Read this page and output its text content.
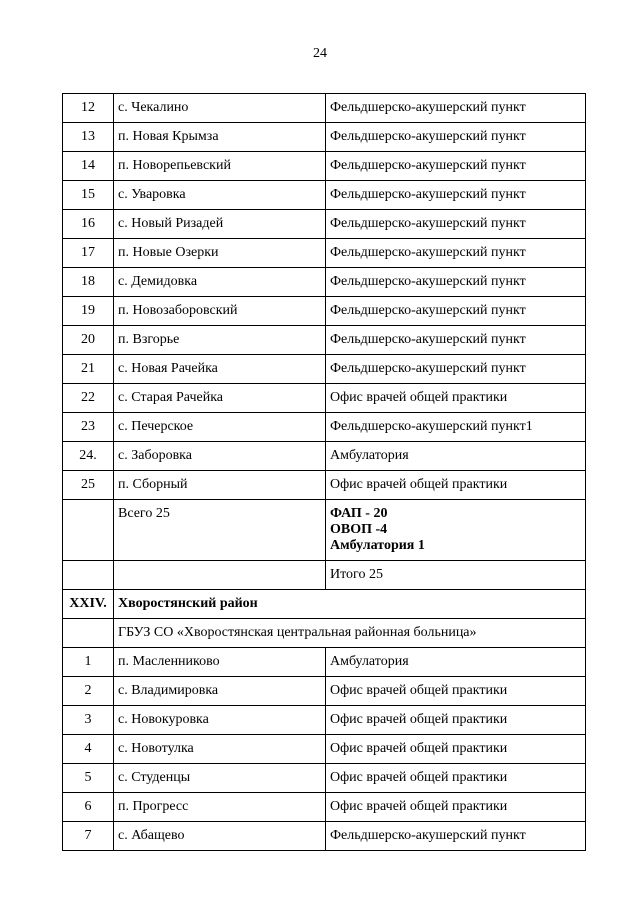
24
12	с. Чекалино	Фельдшерско-акушерский пункт
13	п. Новая Крымза	Фельдшерско-акушерский пункт
14	п. Новорепьевский	Фельдшерско-акушерский пункт
15	с. Уваровка	Фельдшерско-акушерский пункт
16	с. Новый Ризадей	Фельдшерско-акушерский пункт
17	п. Новые Озерки	Фельдшерско-акушерский пункт
18	с. Демидовка	Фельдшерско-акушерский пункт
19	п. Новозаборовский	Фельдшерско-акушерский пункт
20	п. Взгорье	Фельдшерско-акушерский пункт
21	с. Новая Рачейка	Фельдшерско-акушерский пункт
22	с. Старая Рачейка	Офис врачей общей практики
23	с. Печерское	Фельдшерско-акушерский пункт1
24.	с. Заборовка	Амбулатория
25	п. Сборный	Офис врачей общей практики
	Всего 25	ФАП - 20
ОВОП -4
Амбулатория 1

		Итого 25
XXIV.	Хворостянский район	
	ГБУЗ СО «Хворостянская центральная районная больница»	
1	п. Масленниково	Амбулатория
2	с. Владимировка	Офис врачей общей практики
3	с. Новокуровка	Офис врачей общей практики
4	с. Новотулка	Офис врачей общей практики
5	с. Студенцы	Офис врачей общей практики
6	п. Прогресс	Офис врачей общей практики
7	с. Абащево	Фельдшерско-акушерский пункт
